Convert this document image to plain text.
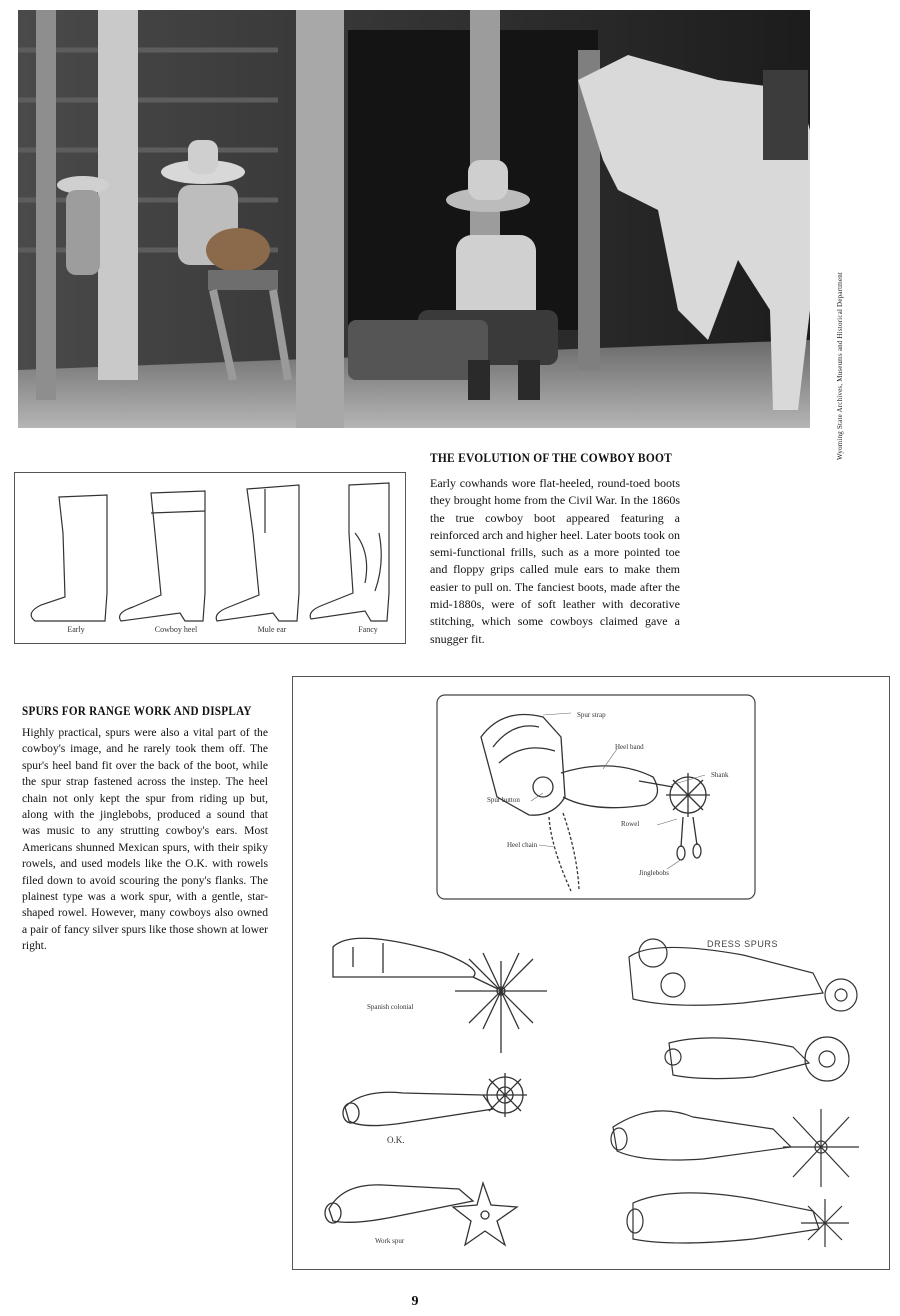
Wyoming State Archives, Museums and Historical Department
Early	Cowboy heel	Mule ear	Fancy
THE EVOLUTION OF THE COWBOY BOOT
Early cowhands wore flat-heeled, round-toed boots they brought home from the Civil War. In the 1860s the true cowboy boot appeared featuring a reinforced arch and higher heel. Later boots took on semi-functional frills, such as a more pointed toe and floppy grips called mule ears to make them easier to pull on. The fanciest boots, made after the mid-1880s, were of soft leather with decorative stitching, which some cowboys claimed gave a snugger fit.
SPURS FOR RANGE WORK AND DISPLAY
Highly practical, spurs were also a vital part of the cowboy's image, and he rarely took them off. The spur's heel band fit over the back of the boot, while the spur strap fastened across the instep. The heel chain not only kept the spur from riding up but, along with the jinglebobs, produced a sound that was music to any strutting cowboy's ears. Most Americans shunned Mexican spurs, with their spiky rowels, and used models like the O.K. with rowels filed down to avoid scouring the pony's flanks. The plainest type was a work spur, with a gentle, star-shaped rowel. However, many cowboys also owned a pair of fancy silver spurs like those shown at lower right.
Spur strap
Heel band
Shank
Spur button
Rowel
Heel chain
Jinglebobs
DRESS SPURS
Spanish colonial
O.K.
Work spur
9
